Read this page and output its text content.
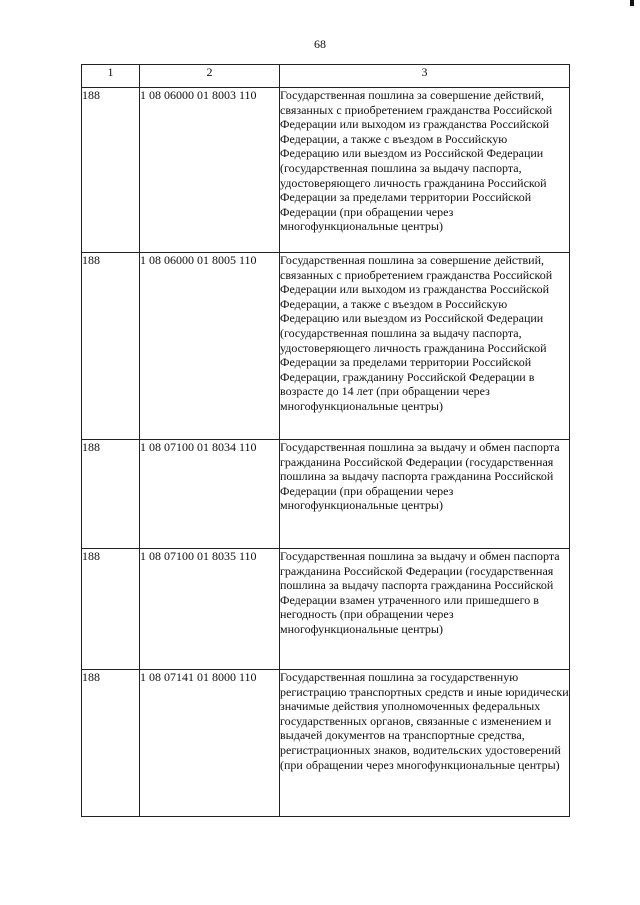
68
1	2	3
188	1 08 06000 01 8003 110	Государственная пошлина за совершение действий, связанных с приобретением гражданства Российской Федерации или выходом из гражданства Российской Федерации, а также с въездом в Российскую Федерацию или выездом из Российской Федерации (государственная пошлина за выдачу паспорта, удостоверяющего личность гражданина Российской Федерации за пределами территории Российской Федерации (при обращении через многофункциональные центры)
188	1 08 06000 01 8005 110	Государственная пошлина за совершение действий, связанных с приобретением гражданства Российской Федерации или выходом из гражданства Российской Федерации, а также с въездом в Российскую Федерацию или выездом из Российской Федерации (государственная пошлина за выдачу паспорта, удостоверяющего личность гражданина Российской Федерации за пределами территории Российской Федерации, гражданину Российской Федерации в возрасте до 14 лет (при обращении через многофункциональные центры)
188	1 08 07100 01 8034 110	Государственная пошлина за выдачу и обмен паспорта гражданина Российской Федерации (государственная пошлина за выдачу паспорта гражданина Российской Федерации (при обращении через многофункциональные центры)
188	1 08 07100 01 8035 110	Государственная пошлина за выдачу и обмен паспорта гражданина Российской Федерации (государственная пошлина за выдачу паспорта гражданина Российской Федерации взамен утраченного или пришедшего в негодность (при обращении через многофункциональные центры)
188	1 08 07141 01 8000 110	Государственная пошлина за государственную регистрацию транспортных средств и иные юридически значимые действия уполномоченных федеральных государственных органов, связанные с изменением и выдачей документов на транспортные средства, регистрационных знаков, водительских удостоверений (при обращении через многофункциональные центры)
